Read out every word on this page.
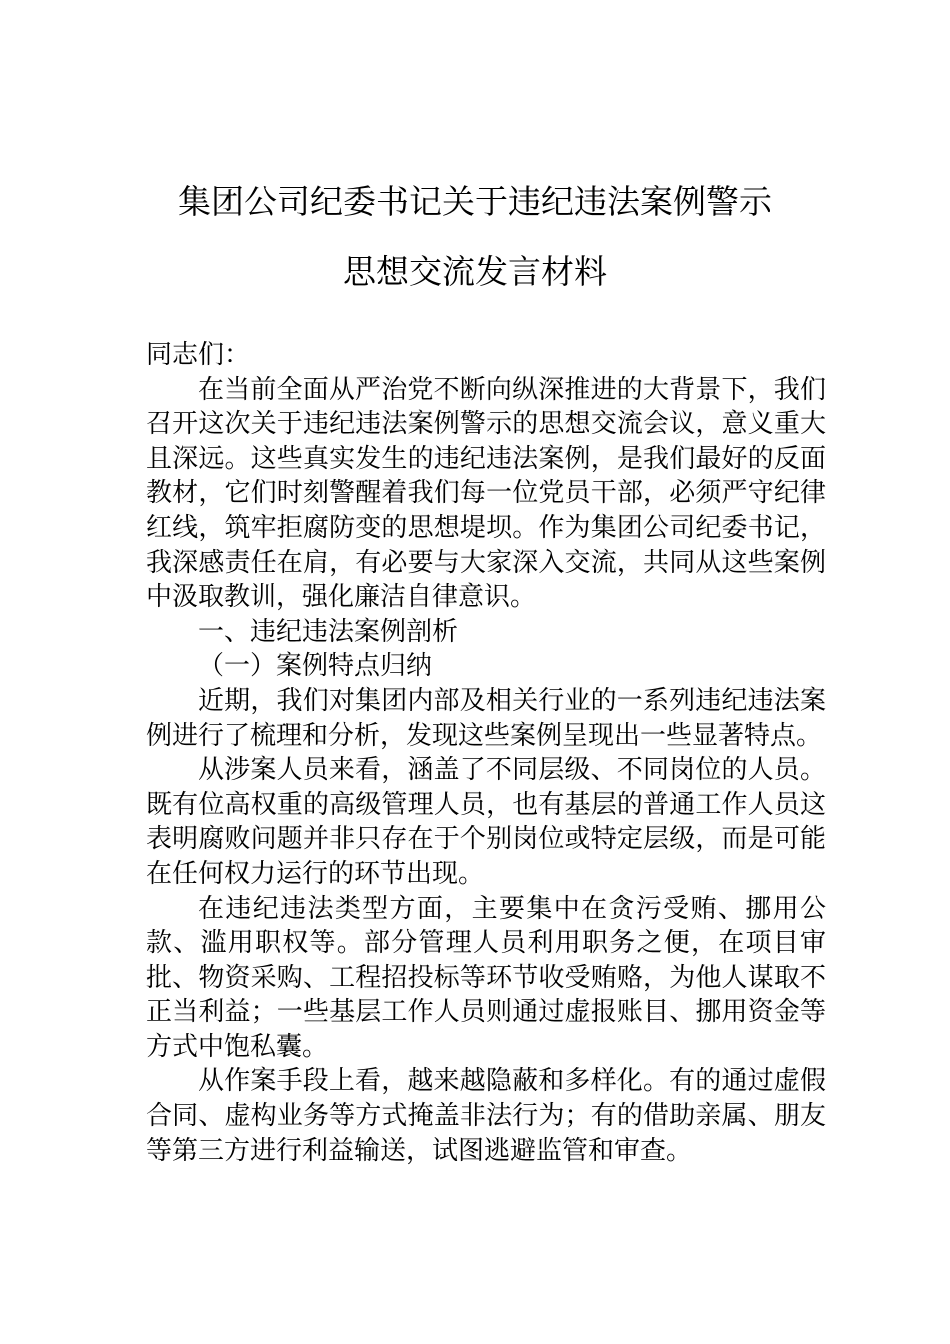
集团公司纪委书记关于违纪违法案例警示
思想交流发言材料

同志们：

在当前全面从严治党不断向纵深推进的大背景下，我们召开这次关于违纪违法案例警示的思想交流会议，意义重大且深远。这些真实发生的违纪违法案例，是我们最好的反面教材，它们时刻警醒着我们每一位党员干部，必须严守纪律红线，筑牢拒腐防变的思想堤坝。作为集团公司纪委书记，我深感责任在肩，有必要与大家深入交流，共同从这些案例中汲取教训，强化廉洁自律意识。

一、违纪违法案例剖析

（一）案例特点归纳

近期，我们对集团内部及相关行业的一系列违纪违法案例进行了梳理和分析，发现这些案例呈现出一些显著特点。

从涉案人员来看，涵盖了不同层级、不同岗位的人员。既有位高权重的高级管理人员，也有基层的普通工作人员这表明腐败问题并非只存在于个别岗位或特定层级，而是可能在任何权力运行的环节出现。

在违纪违法类型方面，主要集中在贪污受贿、挪用公款、滥用职权等。部分管理人员利用职务之便，在项目审批、物资采购、工程招投标等环节收受贿赂，为他人谋取不正当利益；一些基层工作人员则通过虚报账目、挪用资金等方式中饱私囊。

从作案手段上看，越来越隐蔽和多样化。有的通过虚假合同、虚构业务等方式掩盖非法行为；有的借助亲属、朋友等第三方进行利益输送，试图逃避监管和审查。
